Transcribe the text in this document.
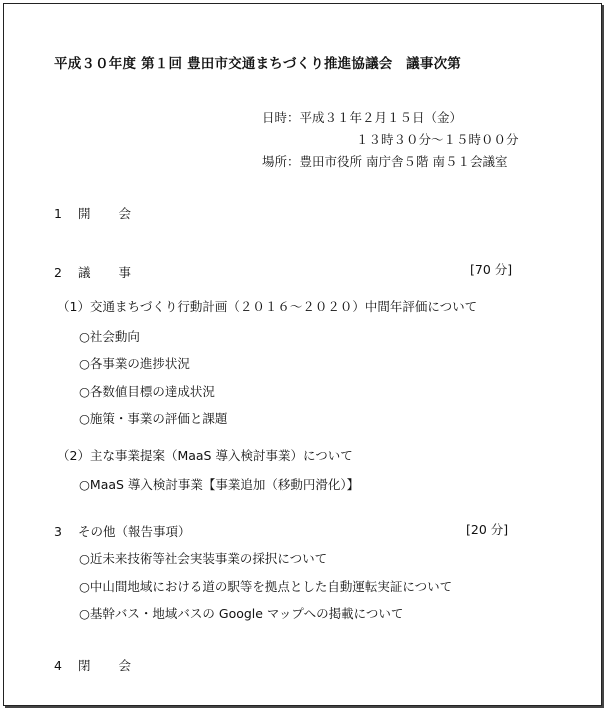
平成３０年度 第１回 豊田市交通まちづくり推進協議会　議事次第
日時：平成３１年２月１５日（金）
１３時３０分～１５時００分
場所：豊田市役所 南庁舎５階 南５１会議室
1 開 会
2 議 事	[70 分]
（1）交通まちづくり行動計画（２０１６～２０２０）中間年評価について
○社会動向
○各事業の進捗状況
○各数値目標の達成状況
○施策・事業の評価と課題
（2）主な事業提案（MaaS 導入検討事業）について
○MaaS 導入検討事業【事業追加（移動円滑化）】
3 その他（報告事項）	[20 分]
○近未来技術等社会実装事業の採択について
○中山間地域における道の駅等を拠点とした自動運転実証について
○基幹バス・地域バスの Google マップへの掲載について
4 閉 会
